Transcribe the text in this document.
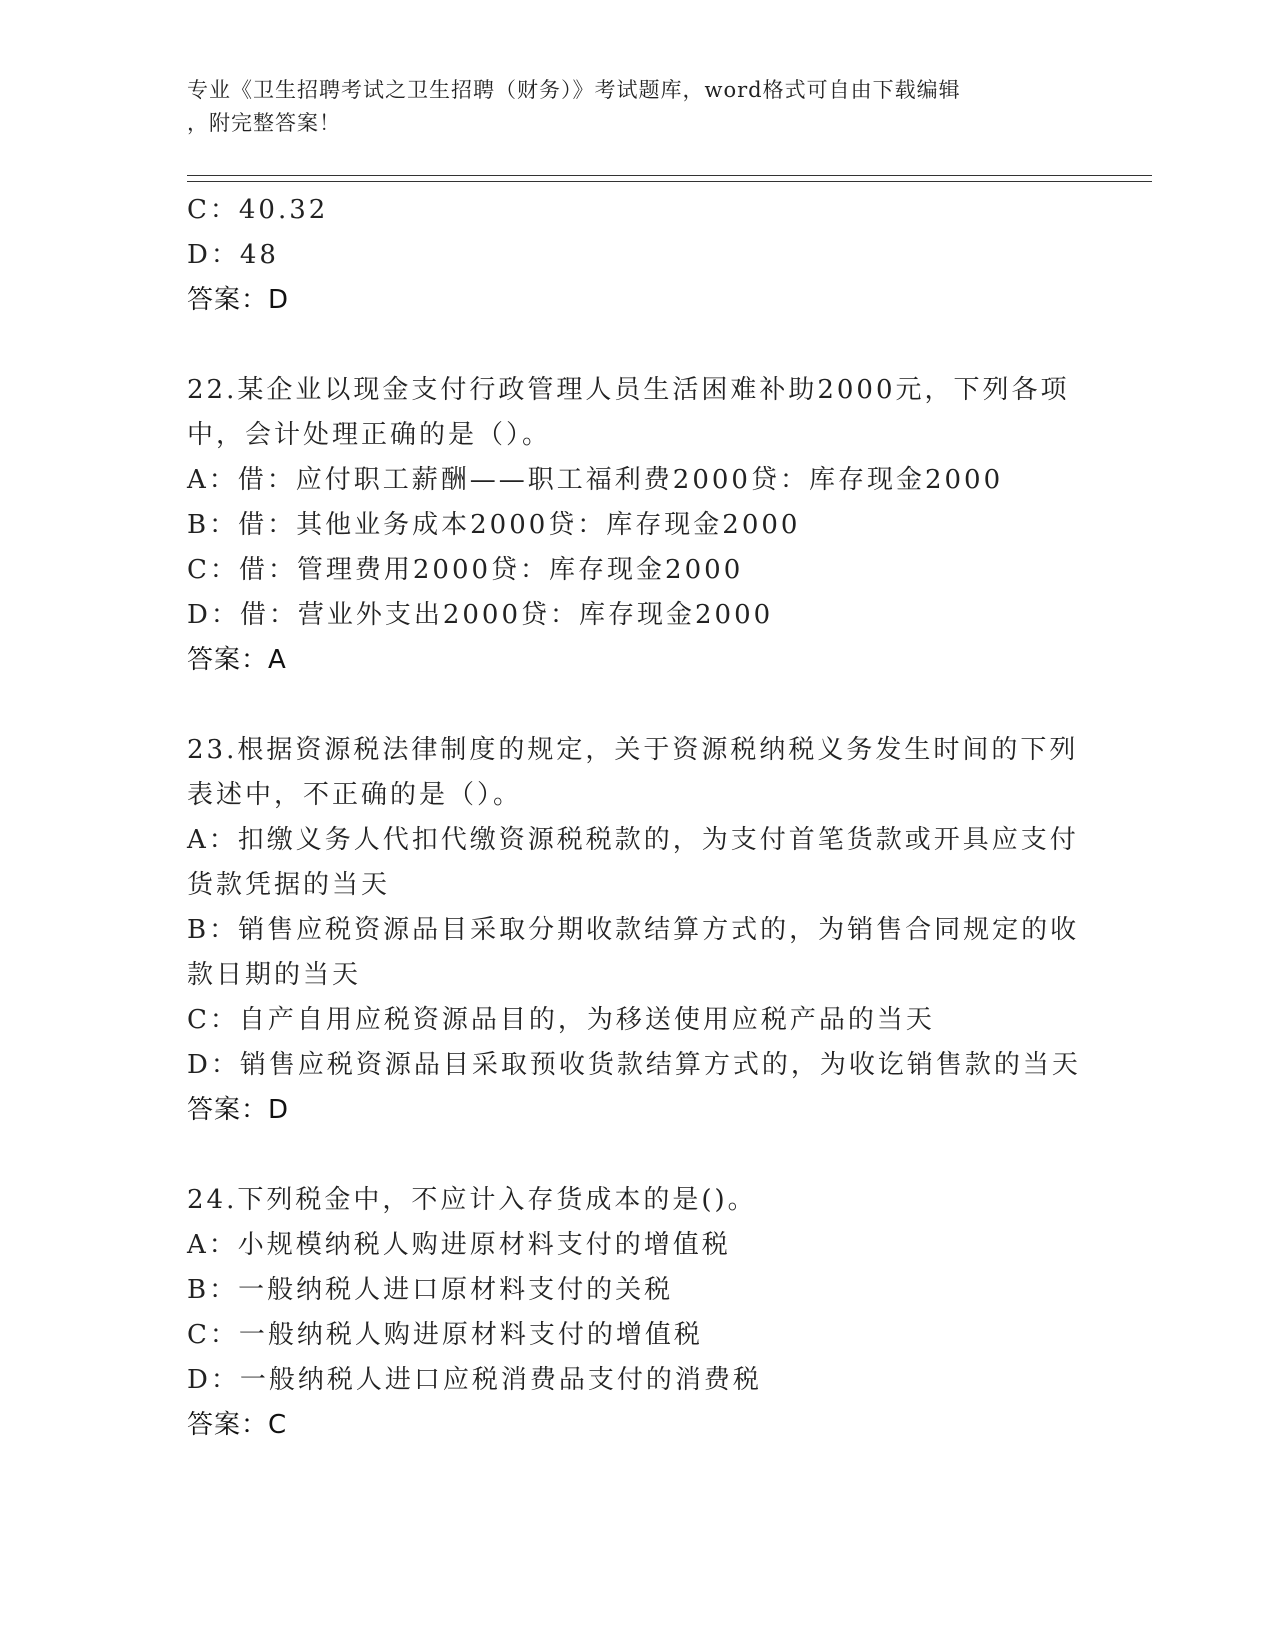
专业《卫生招聘考试之卫生招聘（财务）》考试题库，word格式可自由下载编辑
，附完整答案！
C：40.32
D：48
答案：D
22.某企业以现金支付行政管理人员生活困难补助2000元，下列各项
中，会计处理正确的是（）。
A：借：应付职工薪酬——职工福利费2000贷：库存现金2000
B：借：其他业务成本2000贷：库存现金2000
C：借：管理费用2000贷：库存现金2000
D：借：营业外支出2000贷：库存现金2000
答案：A
23.根据资源税法律制度的规定，关于资源税纳税义务发生时间的下列
表述中，不正确的是（）。
A：扣缴义务人代扣代缴资源税税款的，为支付首笔货款或开具应支付
货款凭据的当天
B：销售应税资源品目采取分期收款结算方式的，为销售合同规定的收
款日期的当天
C：自产自用应税资源品目的，为移送使用应税产品的当天
D：销售应税资源品目采取预收货款结算方式的，为收讫销售款的当天
答案：D
24.下列税金中，不应计入存货成本的是()。
A：小规模纳税人购进原材料支付的增值税
B：一般纳税人进口原材料支付的关税
C：一般纳税人购进原材料支付的增值税
D：一般纳税人进口应税消费品支付的消费税
答案：C
